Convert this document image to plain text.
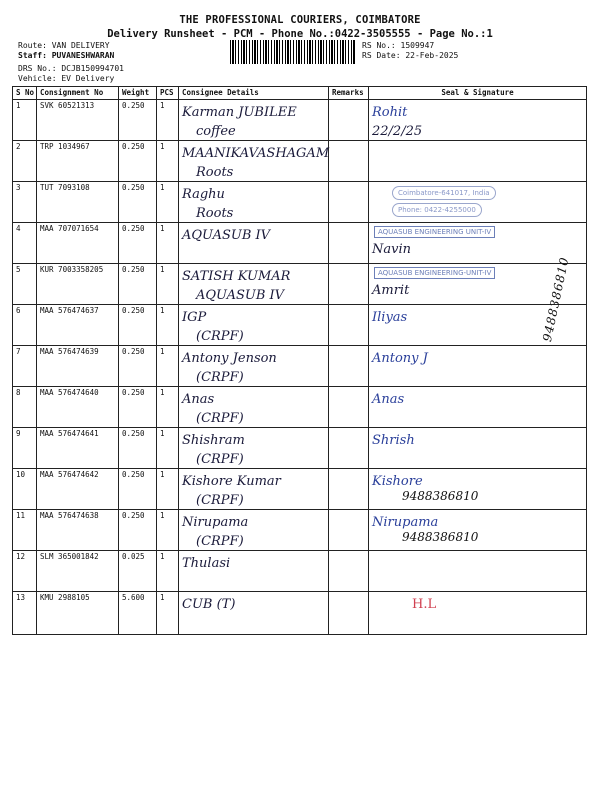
THE PROFESSIONAL COURIERS, COIMBATORE
Delivery Runsheet - PCM - Phone No.:0422-3505555 - Page No.:1
Route: VAN DELIVERY
Staff: PUVANESHWARAN
DRS No.: DCJB150994701
Vehicle: EV Delivery
RS No.: 1509947
RS Date: 22-Feb-2025
S No	Consignment No	Weight	PCS	Consignee Details	Remarks	Seal & Signature
1	SVK 60521313	0.250	1	Karman JUBILEE
coffee		Rohit
22/2/25

2	TRP 1034967	0.250	1	MAANIKAVASHAGAM
Roots		

3	TUT 7093108	0.250	1	Raghu
Roots		Coimbatore-641017, IndiaPhone: 0422-4255000
4	MAA 707071654	0.250	1	AQUASUB IV		AQUASUB ENGINEERING UNIT-IV
Navin

5	KUR 7003358205	0.250	1	SATISH KUMAR
AQUASUB IV		AQUASUB ENGINEERING-UNIT-IV
Amrit

6	MAA 576474637	0.250	1	IGP
(CRPF)		Iliyas

7	MAA 576474639	0.250	1	Antony Jenson
(CRPF)		Antony J

8	MAA 576474640	0.250	1	Anas
(CRPF)		Anas

9	MAA 576474641	0.250	1	Shishram
(CRPF)		Shrish

10	MAA 576474642	0.250	1	Kishore Kumar
(CRPF)		Kishore
9488386810

11	MAA 576474638	0.250	1	Nirupama
(CRPF)		Nirupama
9488386810

12	SLM 365001842	0.025	1	Thulasi		

13	KMU 2988105	5.600	1	CUB (T)		H.L
9488386810
